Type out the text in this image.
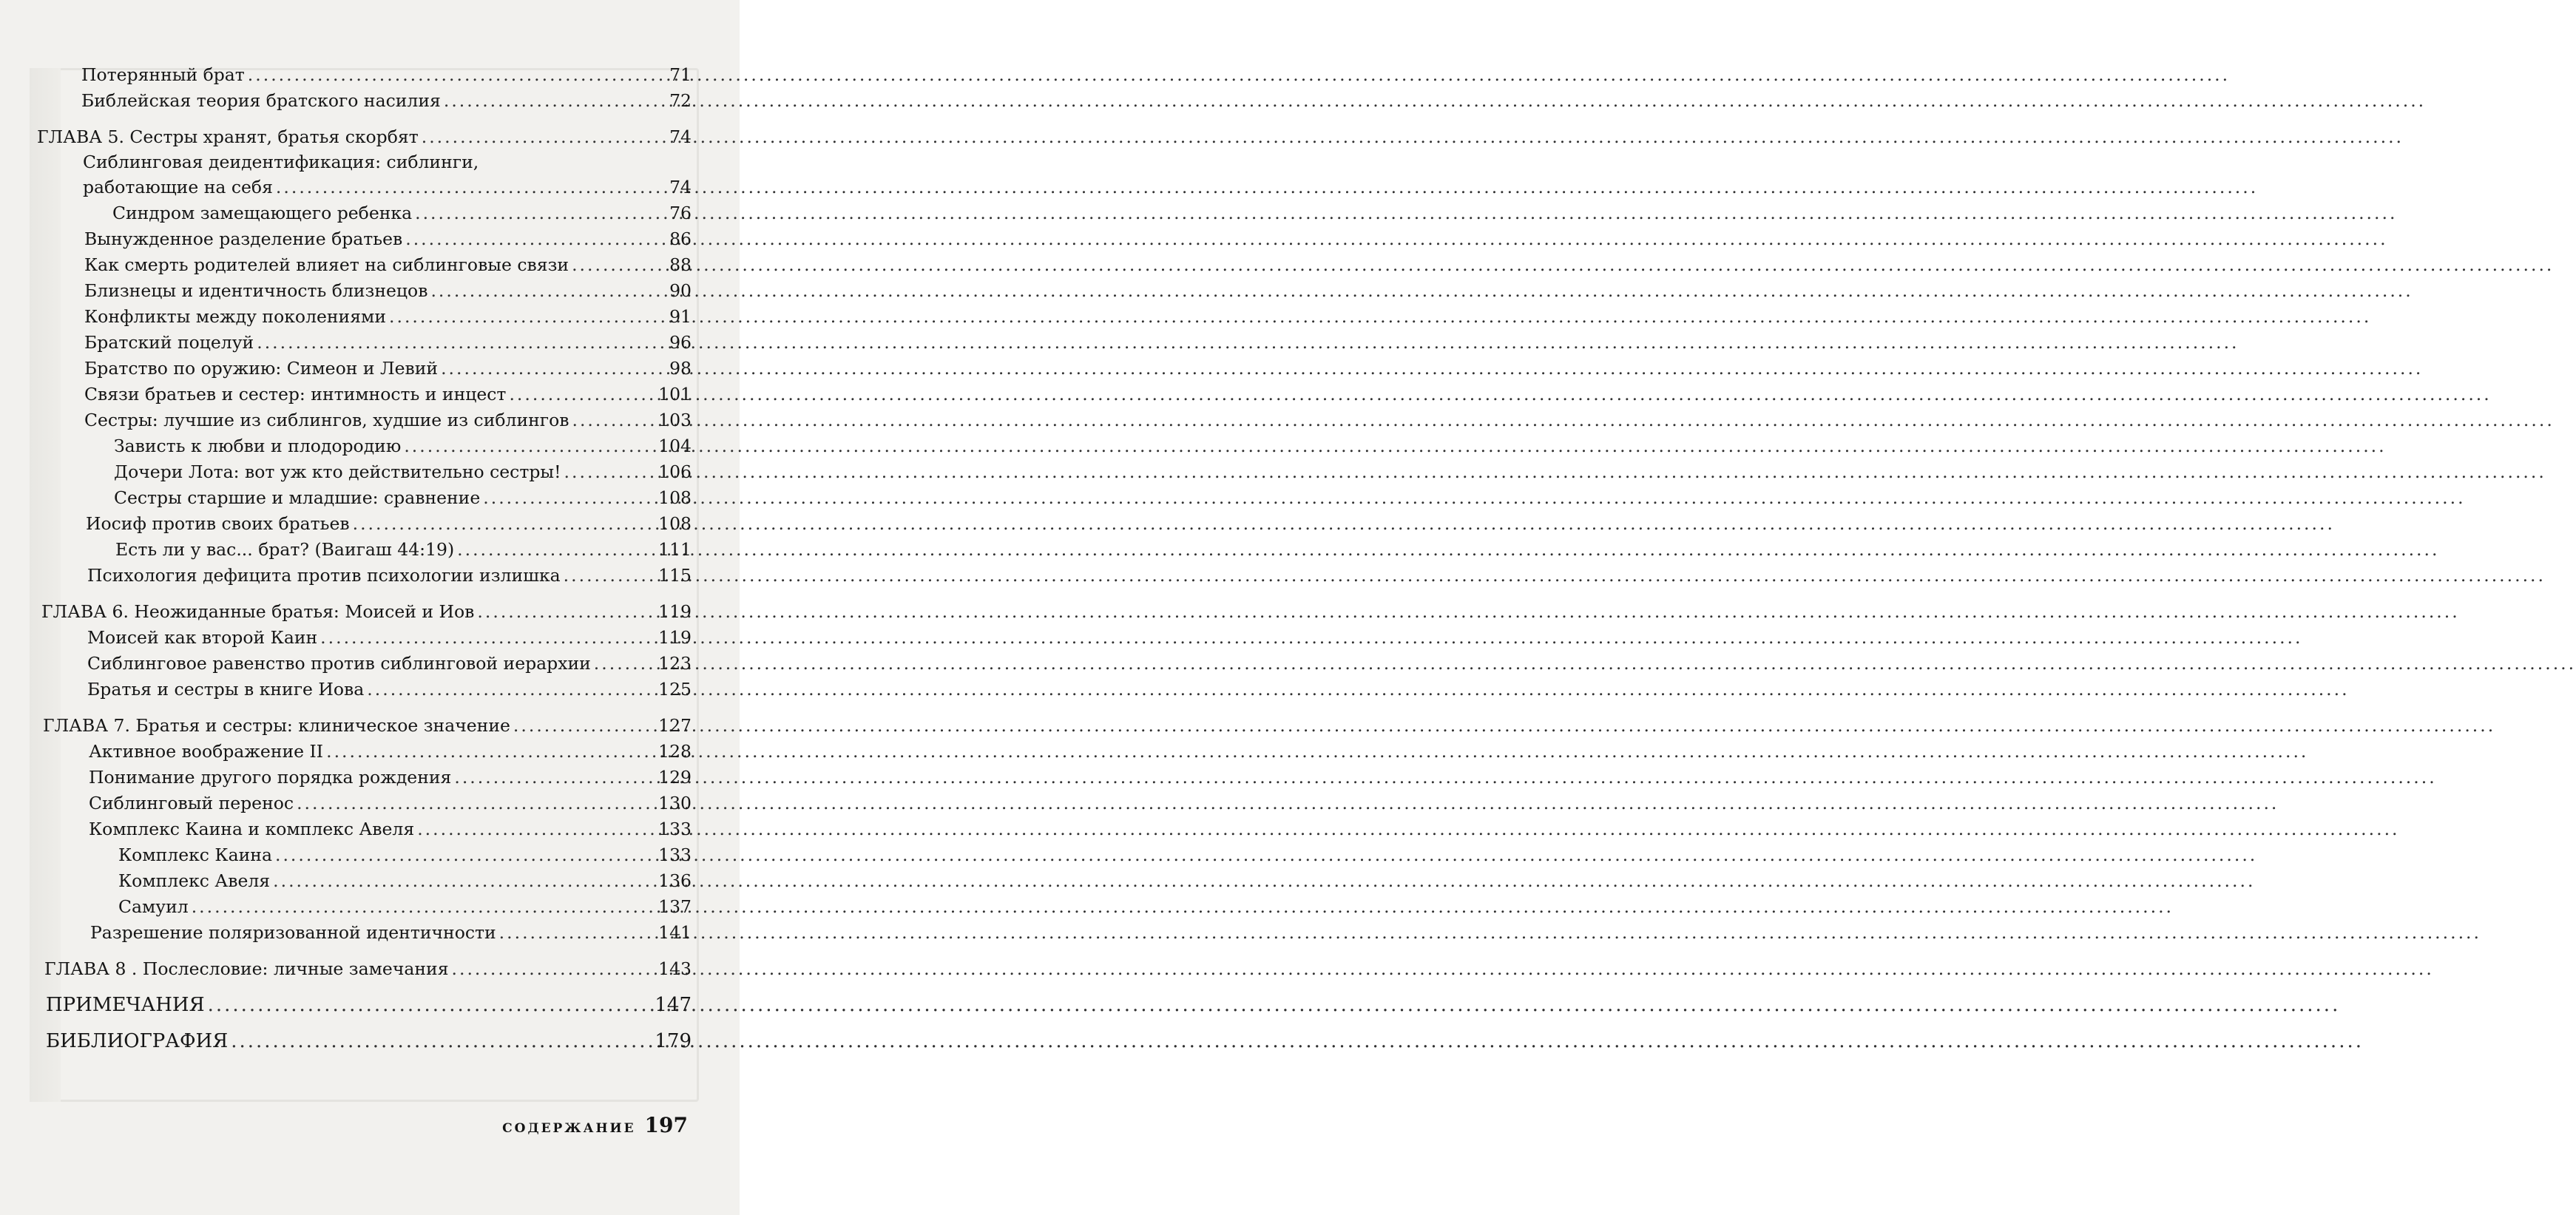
Потерянный брат .....	71
Библейская теория братского насилия .....	72
ГЛАВА 5. Сестры хранят, братья скорбят .....	74
Сиблинговая деидентификация: сиблинги,
работающие на себя .....	74
Синдром замещающего ребенка .....	76
Вынужденное разделение братьев .....	86
Как смерть родителей влияет на сиблинговые связи .....	88
Близнецы и идентичность близнецов .....	90
Конфликты между поколениями .....	91
Братский поцелуй .....	96
Братство по оружию: Симеон и Левий .....	98
Связи братьев и сестер: интимность и инцест .....	101
Сестры: лучшие из сиблингов, худшие из сиблингов .....	103
Зависть к любви и плодородию .....	104
Дочери Лота: вот уж кто действительно сестры! .....	106
Сестры старшие и младшие: сравнение .....	108
Иосиф против своих братьев .....	108
Есть ли у вас... брат? (Ваигаш 44:19) .....	111
Психология дефицита против психологии излишка .....	115
ГЛАВА 6. Неожиданные братья: Моисей и Иов .....	119
Моисей как второй Каин .....	119
Сиблинговое равенство против сиблинговой иерархии .....	123
Братья и сестры в книге Иова .....	125
ГЛАВА 7. Братья и сестры: клиническое значение .....	127
Активное воображение II .....	128
Понимание другого порядка рождения .....	129
Сиблинговый перенос .....	130
Комплекс Каина и комплекс Авеля .....	133
Комплекс Каина .....	133
Комплекс Авеля .....	136
Самуил .....	137
Разрешение поляризованной идентичности .....	141
ГЛАВА 8 . Послесловие: личные замечания .....	143
ПРИМЕЧАНИЯ .....	147
БИБЛИОГРАФИЯ .....	179
СОДЕРЖАНИЕ 197
